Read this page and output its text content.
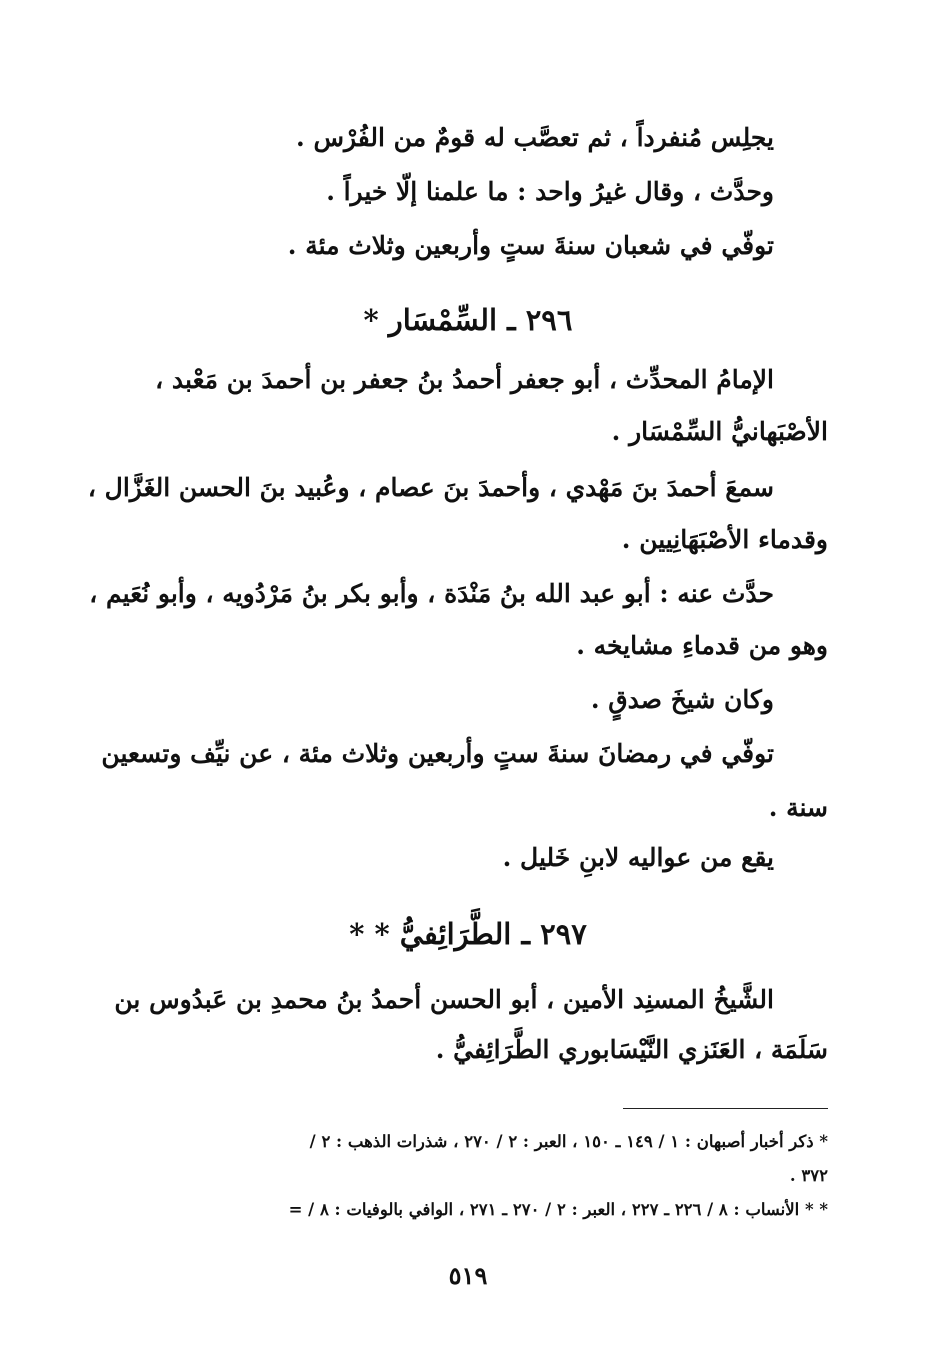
يجلِس مُنفرداً ، ثم تعصَّب له قومٌ من الفُرْس .
وحدَّث ، وقال غيرُ واحد : ما علمنا إلّا خيراً .
توفّي في شعبان سنةَ ستٍ وأربعين وثلاث مئة .
٢٩٦ ـ السِّمْسَار *
الإمامُ المحدِّث ، أبو جعفر أحمدُ بنُ جعفر بن أحمدَ بن مَعْبد ،
الأصْبَهانيُّ السِّمْسَار .
سمعَ أحمدَ بنَ مَهْدي ، وأحمدَ بنَ عصام ، وعُبيد بنَ الحسن الغَزَّال ،
وقدماء الأصْبَهَانِيين .
حدَّث عنه : أبو عبد الله بنُ مَنْدَة ، وأبو بكر بنُ مَرْدُويه ، وأبو نُعَيم ،
وهو من قدماءِ مشايخه .
وكان شيخَ صدقٍ .
توفّي في رمضانَ سنةَ ستٍ وأربعين وثلاث مئة ، عن نيِّف وتسعين
سنة .
يقع من عواليه لابنِ خَليل .
٢٩٧ ـ الطَّرَائِفيُّ * *
الشَّيخُ المسنِد الأمين ، أبو الحسن أحمدُ بنُ محمدِ بن عَبدُوس بن
سَلَمَة ، العَنَزي النَّيْسَابوري الطَّرَائِفيُّ .
* ذكر أخبار أصبهان : ١ / ١٤٩ ـ ١٥٠ ، العبر : ٢ / ٢٧٠ ، شذرات الذهب : ٢ /
٣٧٢ .
* * الأنساب : ٨ / ٢٢٦ ـ ٢٢٧ ، العبر : ٢ / ٢٧٠ ـ ٢٧١ ، الوافي بالوفيات : ٨ / =
٥١٩
